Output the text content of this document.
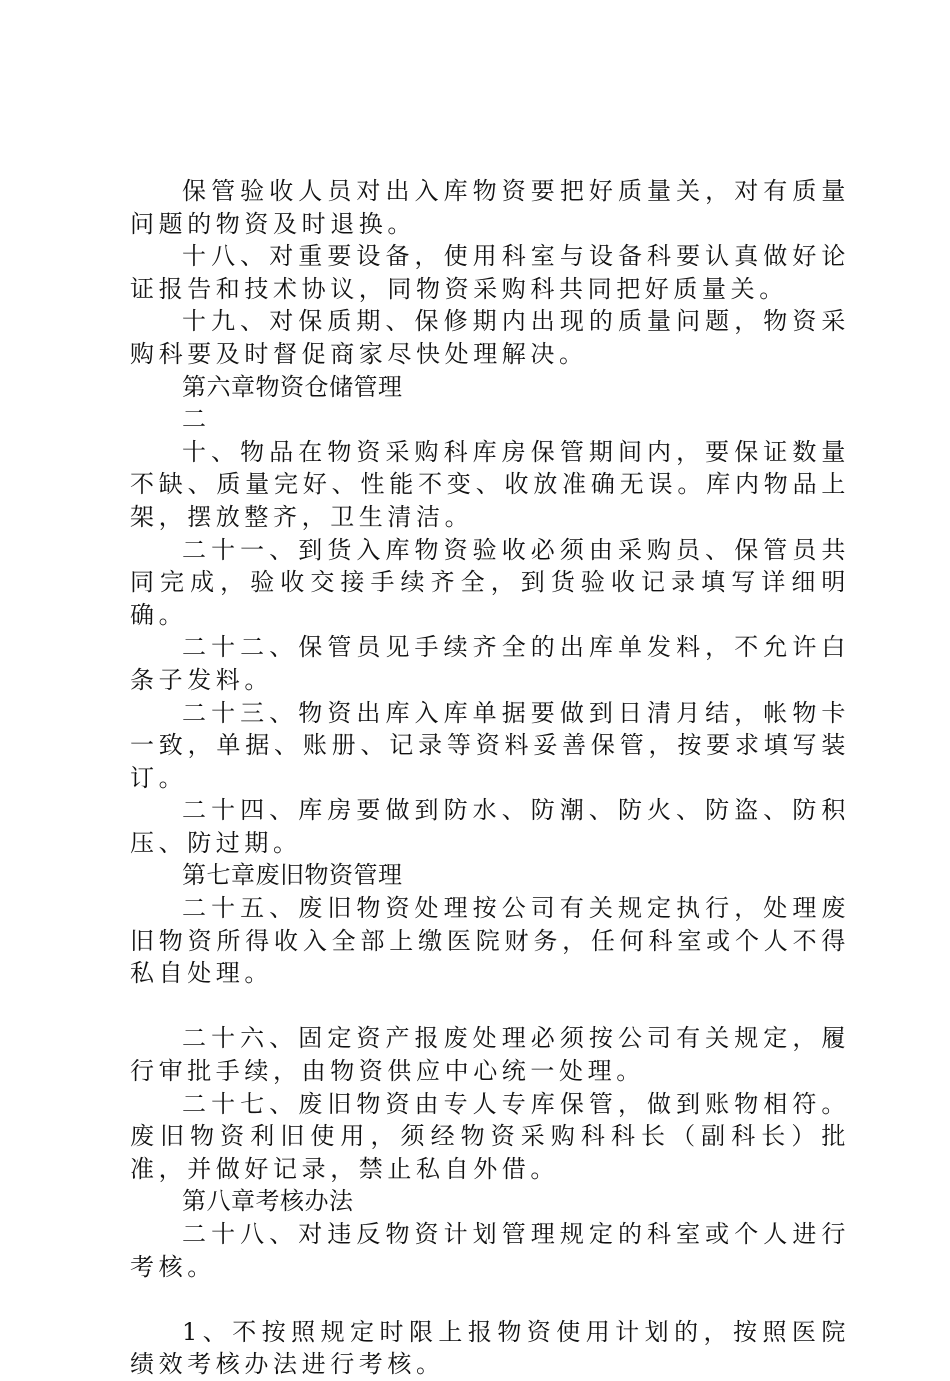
保管验收人员对出入库物资要把好质量关，对有质量问题的物资及时退换。

十八、对重要设备，使用科室与设备科要认真做好论证报告和技术协议，同物资采购科共同把好质量关。

十九、对保质期、保修期内出现的质量问题，物资采购科要及时督促商家尽快处理解决。

第六章物资仓储管理

二

十、物品在物资采购科库房保管期间内，要保证数量不缺、质量完好、性能不变、收放准确无误。库内物品上架，摆放整齐，卫生清洁。

二十一、到货入库物资验收必须由采购员、保管员共同完成，验收交接手续齐全，到货验收记录填写详细明确。

二十二、保管员见手续齐全的出库单发料，不允许白条子发料。

二十三、物资出库入库单据要做到日清月结，帐物卡一致，单据、账册、记录等资料妥善保管，按要求填写装订。

二十四、库房要做到防水、防潮、防火、防盗、防积压、防过期。

第七章废旧物资管理

二十五、废旧物资处理按公司有关规定执行，处理废旧物资所得收入全部上缴医院财务，任何科室或个人不得私自处理。

二十六、固定资产报废处理必须按公司有关规定，履行审批手续，由物资供应中心统一处理。

二十七、废旧物资由专人专库保管，做到账物相符。废旧物资利旧使用，须经物资采购科科长（副科长）批准，并做好记录，禁止私自外借。

第八章考核办法

二十八、对违反物资计划管理规定的科室或个人进行考核。

1、不按照规定时限上报物资使用计划的，按照医院绩效考核办法进行考核。
